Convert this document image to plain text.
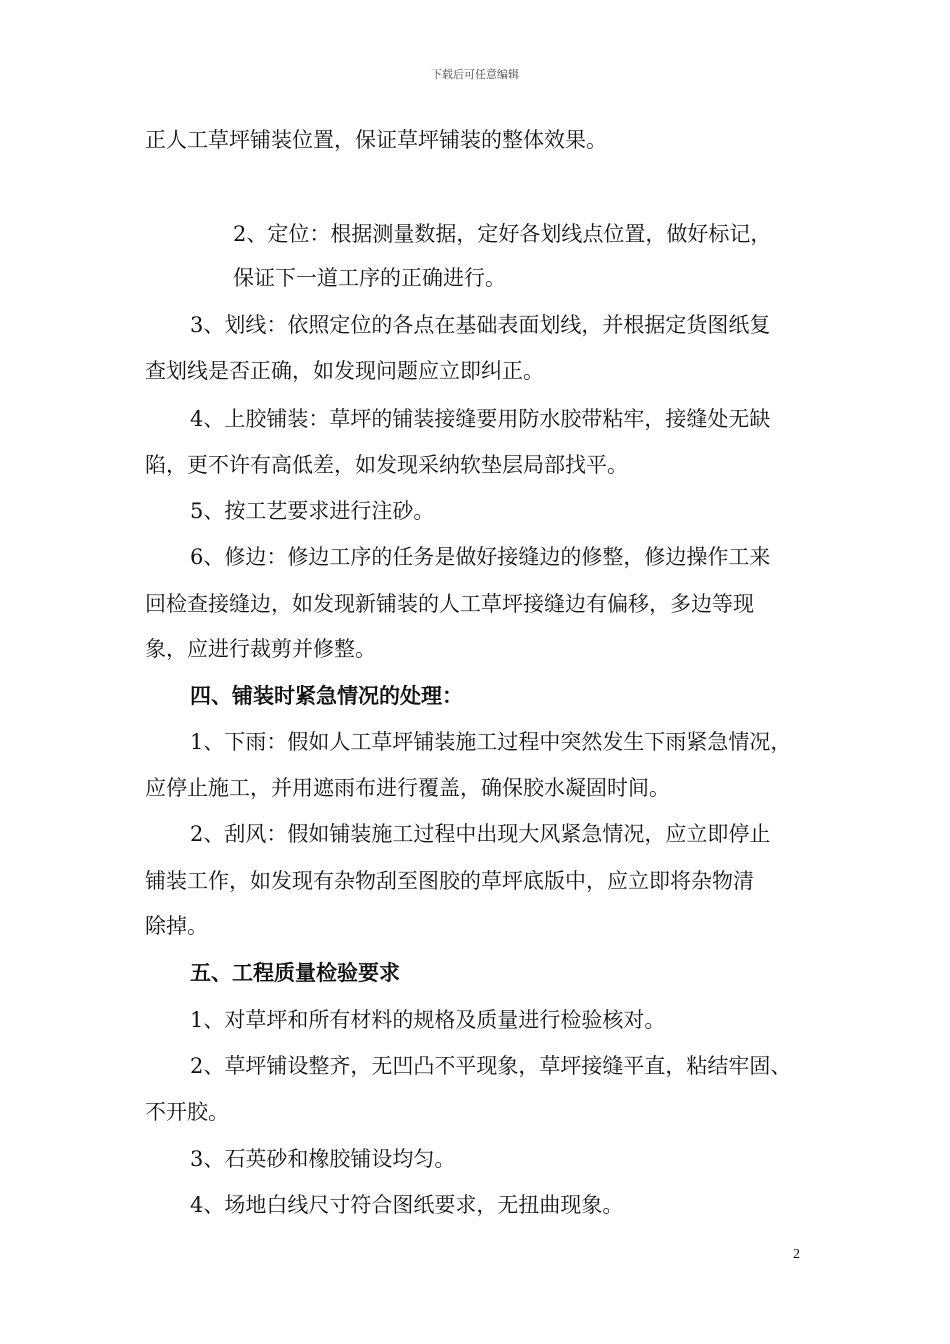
下载后可任意编辑
正人工草坪铺装位置，保证草坪铺装的整体效果。
2、定位：根据测量数据，定好各划线点位置，做好标记，
保证下一道工序的正确进行。
3、划线：依照定位的各点在基础表面划线，并根据定货图纸复
查划线是否正确，如发现问题应立即纠正。
4、上胶铺装：草坪的铺装接缝要用防水胶带粘牢，接缝处无缺
陷，更不许有高低差，如发现采纳软垫层局部找平。
5、按工艺要求进行注砂。
6、修边：修边工序的任务是做好接缝边的修整，修边操作工来
回检查接缝边，如发现新铺装的人工草坪接缝边有偏移，多边等现
象，应进行裁剪并修整。
四、铺装时紧急情况的处理：
1、下雨：假如人工草坪铺装施工过程中突然发生下雨紧急情况，
应停止施工，并用遮雨布进行覆盖，确保胶水凝固时间。
2、刮风：假如铺装施工过程中出现大风紧急情况，应立即停止
铺装工作，如发现有杂物刮至图胶的草坪底版中，应立即将杂物清
除掉。
五、工程质量检验要求
1、对草坪和所有材料的规格及质量进行检验核对。
2、草坪铺设整齐，无凹凸不平现象，草坪接缝平直，粘结牢固、
不开胶。
3、石英砂和橡胶铺设均匀。
4、场地白线尺寸符合图纸要求，无扭曲现象。
2
